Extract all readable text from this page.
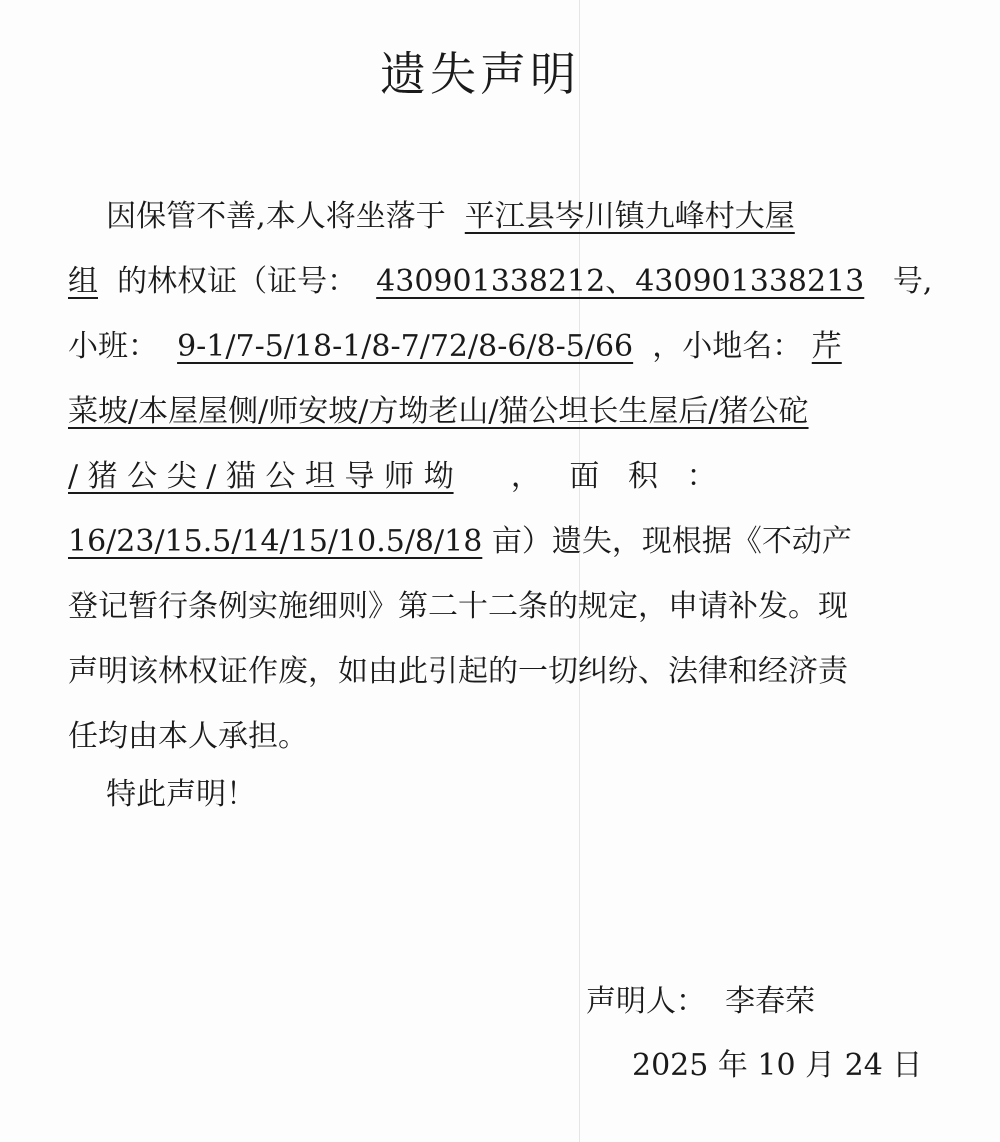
遗失声明
因保管不善,本人将坐落于 平江县岑川镇九峰村大屋
组 的林权证（证号： 430901338212、430901338213 号,
小班： 9-1/7-5/18-1/8-7/72/8-6/8-5/66 ，小地名： 芹
菜坡/本屋屋侧/师安坡/方坳老山/猫公坦长生屋后/猪公砣
/ 猪 公 尖 / 猫 公 坦 导 师 坳 ， 面 积 ：
16/23/15.5/14/15/10.5/8/18 亩）遗失，现根据《不动产
登记暂行条例实施细则》第二十二条的规定，申请补发。现
声明该林权证作废，如由此引起的一切纠纷、法律和经济责
任均由本人承担。
特此声明！
声明人： 李春荣
2025 年 10 月 24 日
